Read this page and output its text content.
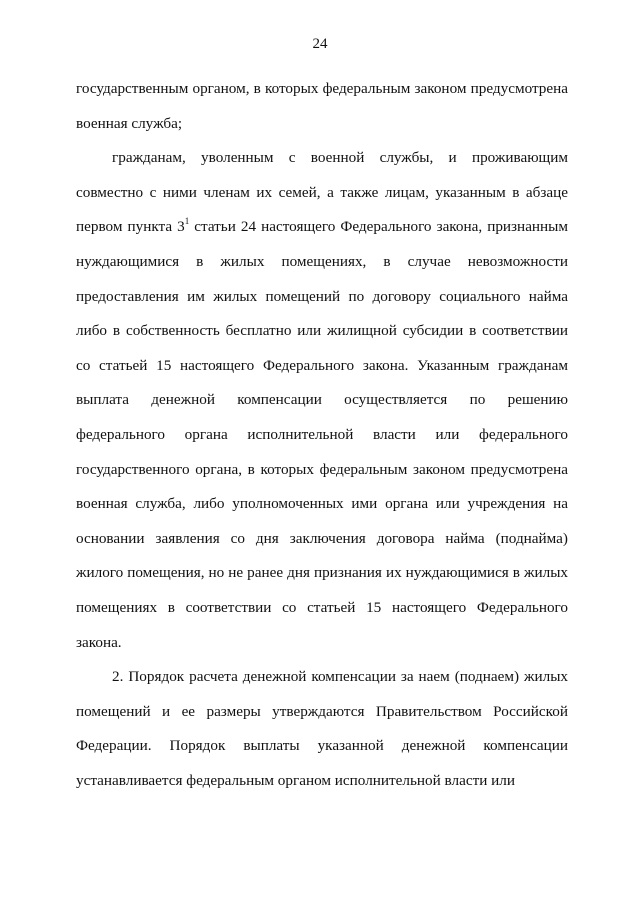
24

государственным органом, в которых федеральным законом предусмотрена военная служба;

гражданам, уволенным с военной службы, и проживающим совместно с ними членам их семей, а также лицам, указанным в абзаце первом пункта $3^1$ статьи 24 настоящего Федерального закона, признанным нуждающимися в жилых помещениях, в случае невозможности предоставления им жилых помещений по договору социального найма либо в собственность бесплатно или жилищной субсидии в соответствии со статьей 15 настоящего Федерального закона. Указанным гражданам выплата денежной компенсации осуществляется по решению федерального органа исполнительной власти или федерального государственного органа, в которых федеральным законом предусмотрена военная служба, либо уполномоченных ими органа или учреждения на основании заявления со дня заключения договора найма (поднайма) жилого помещения, но не ранее дня признания их нуждающимися в жилых помещениях в соответствии со статьей 15 настоящего Федерального закона.

2. Порядок расчета денежной компенсации за наем (поднаем) жилых помещений и ее размеры утверждаются Правительством Российской Федерации. Порядок выплаты указанной денежной компенсации устанавливается федеральным органом исполнительной власти или
